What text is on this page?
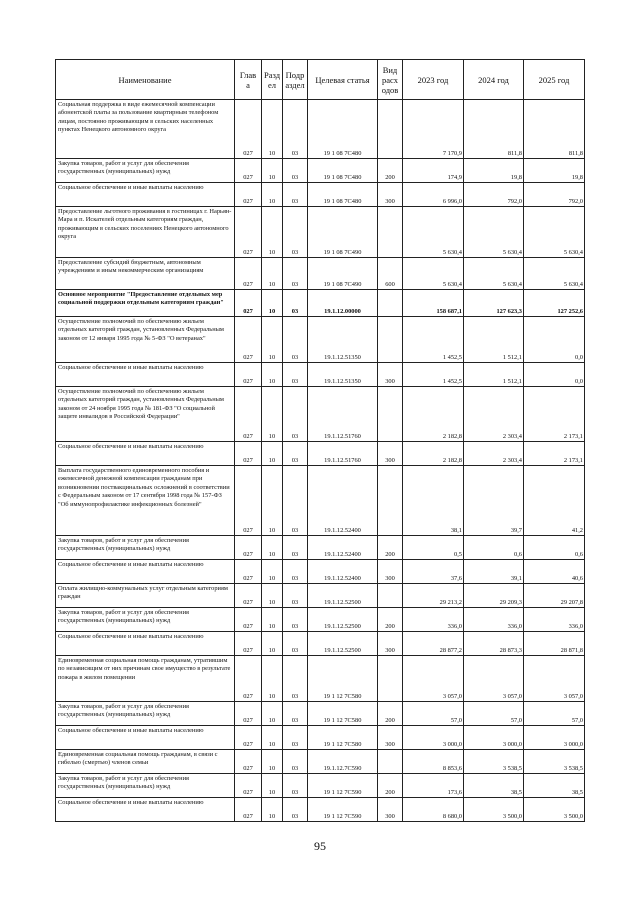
Наименование	Глав а	Разд ел	Подр аздел	Целевая статья	Вид расх одов	2023 год	2024 год	2025 год
Социальная поддержка в виде ежемесячной компенсации абонентской платы за пользование квартирным телефоном лицам, постоянно проживающим в сельских населенных пунктах Ненецкого автономного округа	027	10	03	19 1 08 7C480		7 170,9	811,8	811,8
Закупка товаров, работ и услуг для обеспечения государственных (муниципальных) нужд	027	10	03	19 1 08 7C480	200	174,9	19,8	19,8
Социальное обеспечение и иные выплаты населению	027	10	03	19 1 08 7C480	300	6 996,0	792,0	792,0
Предоставление льготного проживания в гостиницах г. Нарьян-Мара и п. Искателей отдельным категориям граждан, проживающим в сельских поселениях Ненецкого автономного округа	027	10	03	19 1 08 7C490		5 630,4	5 630,4	5 630,4
Предоставление субсидий бюджетным, автономным учреждениям и иным некоммерческим организациям	027	10	03	19 1 08 7C490	600	5 630,4	5 630,4	5 630,4
Основное мероприятие "Предоставление отдельных мер социальной поддержки отдельным категориям граждан"	027	10	03	19.1.12.00000		158 687,1	127 623,3	127 252,6
Осуществление полномочий по обеспечению жильем отдельных категорий граждан, установленных Федеральным законом от 12 января 1995 года № 5-ФЗ "О ветеранах"	027	10	03	19.1.12.51350		1 452,5	1 512,1	0,0
Социальное обеспечение и иные выплаты населению	027	10	03	19.1.12.51350	300	1 452,5	1 512,1	0,0
Осуществление полномочий по обеспечению жильем отдельных категорий граждан, установленных Федеральным законом от 24 ноября 1995 года № 181-ФЗ "О социальной защите инвалидов в Российской Федерации"	027	10	03	19.1.12.51760		2 182,8	2 303,4	2 173,1
Социальное обеспечение и иные выплаты населению	027	10	03	19.1.12.51760	300	2 182,8	2 303,4	2 173,1
Выплата государственного единовременного пособия и ежемесячной денежной компенсации гражданам при возникновении поствакцинальных осложнений в соответствии с Федеральным законом от 17 сентября 1998 года № 157-ФЗ "Об иммунопрофилактике инфекционных болезней"	027	10	03	19.1.12.52400		38,1	39,7	41,2
Закупка товаров, работ и услуг для обеспечения государственных (муниципальных) нужд	027	10	03	19.1.12.52400	200	0,5	0,6	0,6
Социальное обеспечение и иные выплаты населению	027	10	03	19.1.12.52400	300	37,6	39,1	40,6
Оплата жилищно-коммунальных услуг отдельным категориям граждан	027	10	03	19.1.12.52500		29 213,2	29 209,3	29 207,8
Закупка товаров, работ и услуг для обеспечения государственных (муниципальных) нужд	027	10	03	19.1.12.52500	200	336,0	336,0	336,0
Социальное обеспечение и иные выплаты населению	027	10	03	19.1.12.52500	300	28 877,2	28 873,3	28 871,8
Единовременная социальная помощь гражданам, утратившим по независящим от них причинам свое имущество в результате пожара в жилом помещении	027	10	03	19 1 12 7C580		3 057,0	3 057,0	3 057,0
Закупка товаров, работ и услуг для обеспечения государственных (муниципальных) нужд	027	10	03	19 1 12 7C580	200	57,0	57,0	57,0
Социальное обеспечение и иные выплаты населению	027	10	03	19 1 12 7C580	300	3 000,0	3 000,0	3 000,0
Единовременная социальная помощь гражданам, в связи с гибелью (смертью) членов семьи	027	10	03	19.1.12.7C590		8 853,6	3 538,5	3 538,5
Закупка товаров, работ и услуг для обеспечения государственных (муниципальных) нужд	027	10	03	19 1 12 7C590	200	173,6	38,5	38,5
Социальное обеспечение и иные выплаты населению	027	10	03	19 1 12 7C590	300	8 680,0	3 500,0	3 500,0
95
